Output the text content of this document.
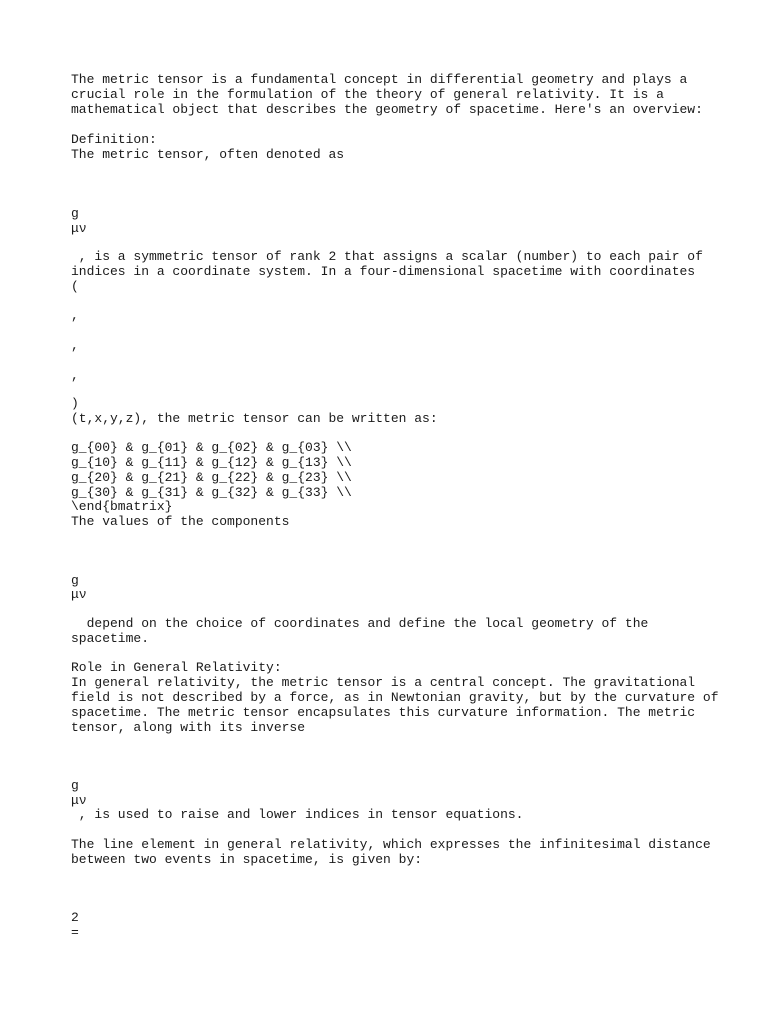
The metric tensor is a fundamental concept in differential geometry and plays a

crucial role in the formulation of the theory of general relativity. It is a

mathematical object that describes the geometry of spacetime. Here's an overview:

Definition:

The metric tensor, often denoted as

g

μν

, is a symmetric tensor of rank 2 that assigns a scalar (number) to each pair of

indices in a coordinate system. In a four-dimensional spacetime with coordinates

(

,

,

,

)

(t,x,y,z), the metric tensor can be written as:

g_{00} & g_{01} & g_{02} & g_{03} \\

g_{10} & g_{11} & g_{12} & g_{13} \\

g_{20} & g_{21} & g_{22} & g_{23} \\

g_{30} & g_{31} & g_{32} & g_{33} \\

\end{bmatrix}

The values of the components

g

μν

depend on the choice of coordinates and define the local geometry of the

spacetime.

Role in General Relativity:

In general relativity, the metric tensor is a central concept. The gravitational

field is not described by a force, as in Newtonian gravity, but by the curvature of

spacetime. The metric tensor encapsulates this curvature information. The metric

tensor, along with its inverse

g

μν

, is used to raise and lower indices in tensor equations.

The line element in general relativity, which expresses the infinitesimal distance

between two events in spacetime, is given by:

2

=
